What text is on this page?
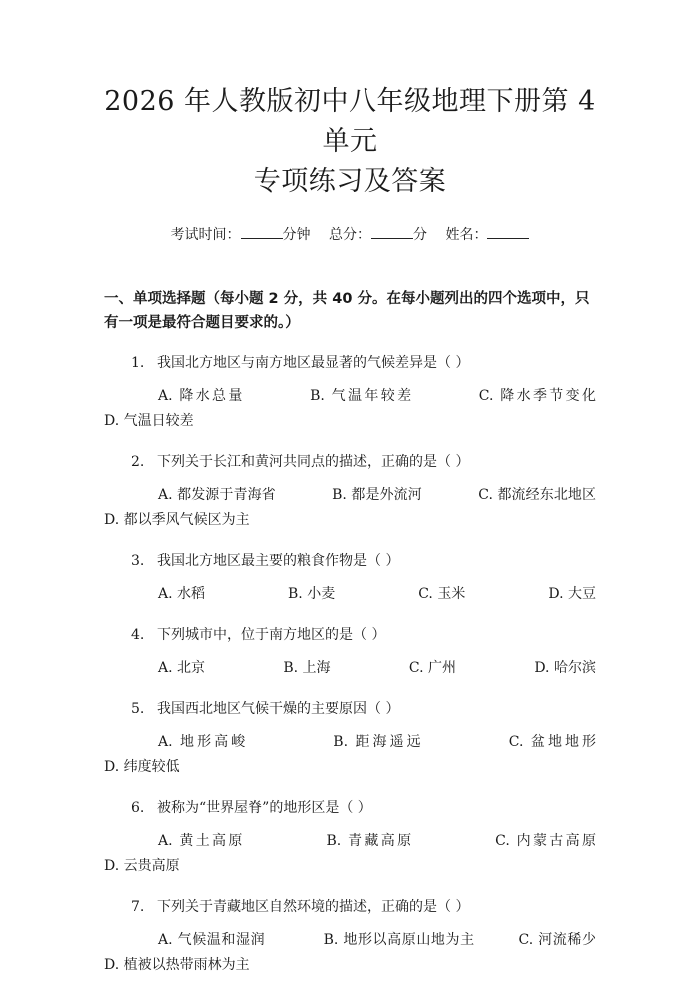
2026 年人教版初中八年级地理下册第 4 单元
专项练习及答案
考试时间：	分钟 总分：	分 姓名：
一、单项选择题（每小题 2 分，共 40 分。在每小题列出的四个选项中，只有一项是最符合题目要求的。）
1. 我国北方地区与南方地区最显著的气候差异是（ ）
A. 降水总量　　　　B. 气温年较差　　　　C. 降水季节变化　　　　D. 气温日较差
2. 下列关于长江和黄河共同点的描述，正确的是（ ）
A. 都发源于青海省　　　　B. 都是外流河　　　　C. 都流经东北地区　　　D. 都以季风气候区为主
3. 我国北方地区最主要的粮食作物是（ ）
A. 水稻	B. 小麦	C. 玉米	D. 大豆
4. 下列城市中，位于南方地区的是（ ）
A. 北京	B. 上海	C. 广州	D. 哈尔滨
5. 我国西北地区气候干燥的主要原因（ ）
A. 地形高峻　　　　　B. 距海遥远　　　　　C. 盆地地形　　　　　D. 纬度较低
6. 被称为“世界屋脊”的地形区是（ ）
A. 黄土高原　　　　　B. 青藏高原　　　　　C. 内蒙古高原　　　　D. 云贵高原
7. 下列关于青藏地区自然环境的描述，正确的是（ ）
A. 气候温和湿润　　　　B. 地形以高原山地为主　　　C. 河流稀少　　　　D. 植被以热带雨林为主
